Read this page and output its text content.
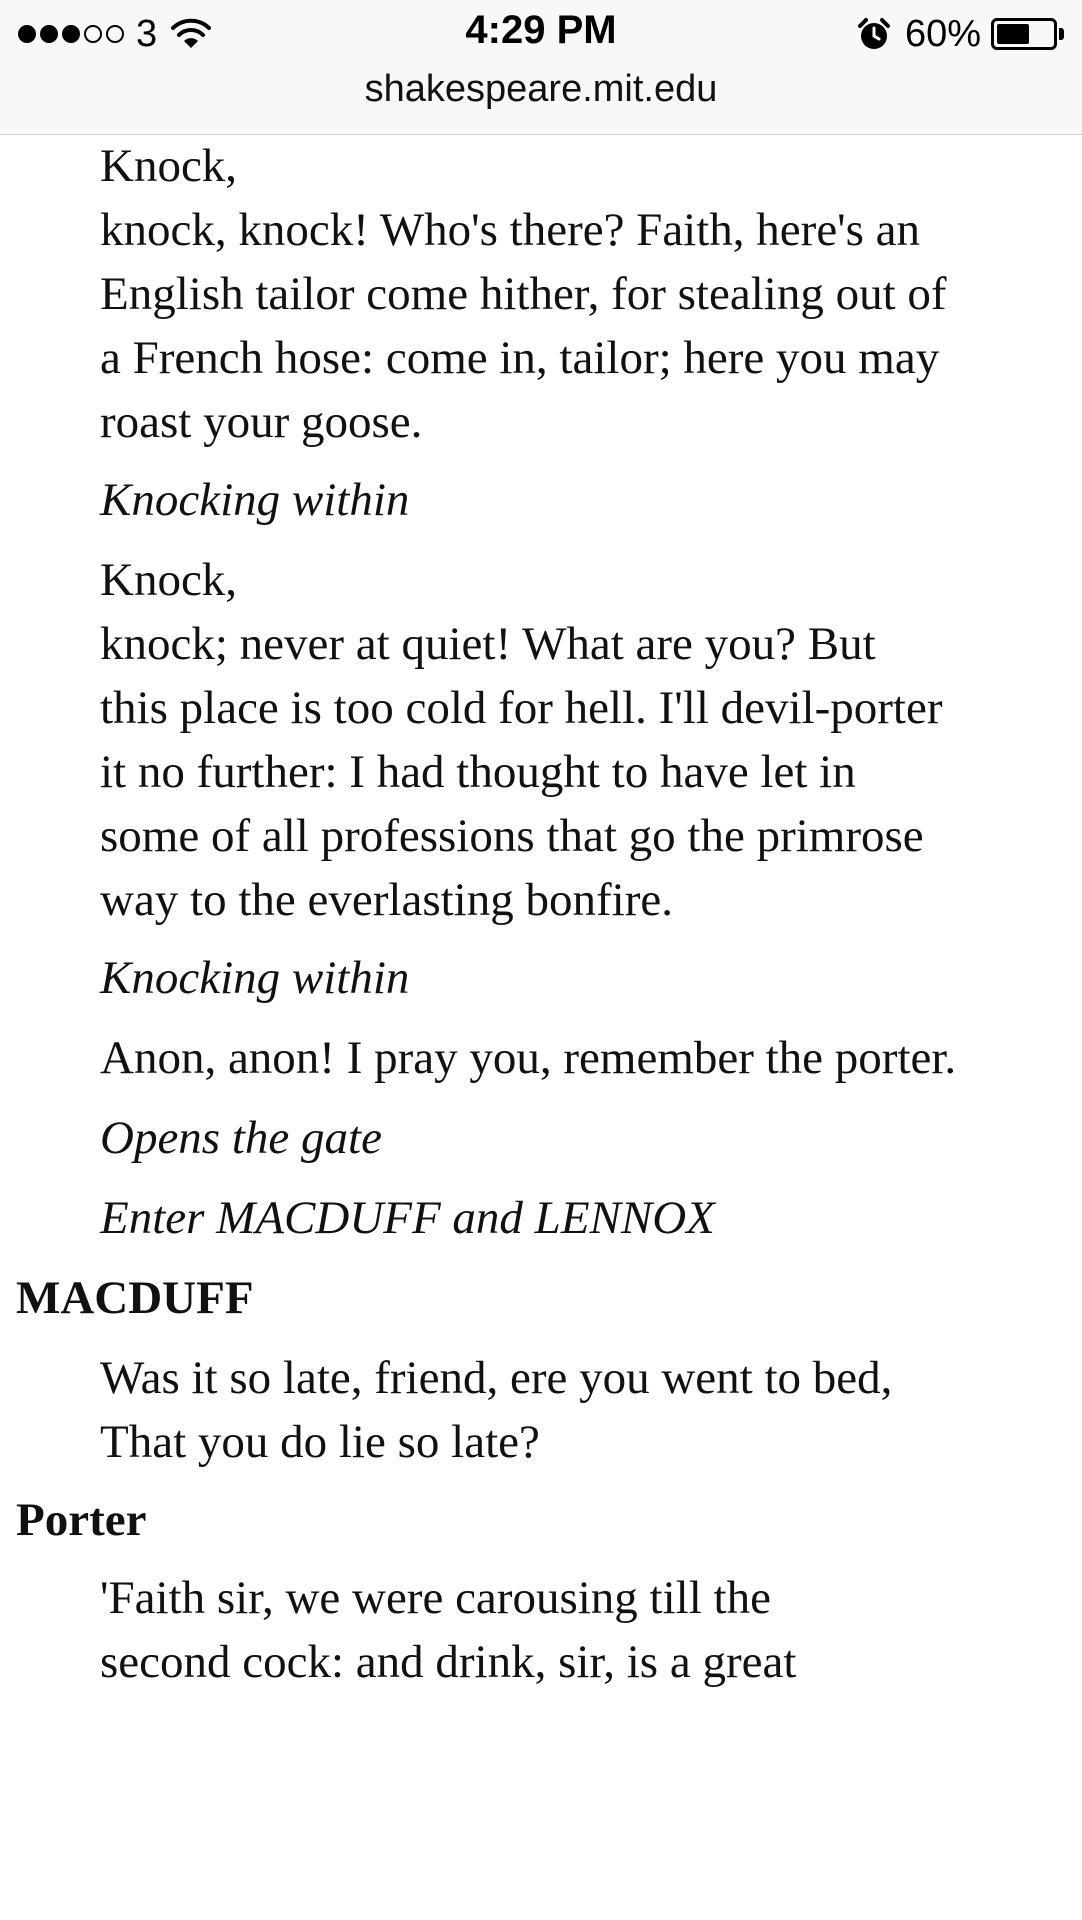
3	4:29 PM	60%
shakespeare.mit.edu

Knock,
knock, knock! Who's there? Faith, here's an
English tailor come hither, for stealing out of
a French hose: come in, tailor; here you may
roast your goose.

Knocking within

Knock,
knock; never at quiet! What are you? But
this place is too cold for hell. I'll devil-porter
it no further: I had thought to have let in
some of all professions that go the primrose
way to the everlasting bonfire.

Knocking within

Anon, anon! I pray you, remember the porter.

Opens the gate

Enter MACDUFF and LENNOX

MACDUFF

Was it so late, friend, ere you went to bed,
That you do lie so late?

Porter

'Faith sir, we were carousing till the
second cock: and drink, sir, is a great
